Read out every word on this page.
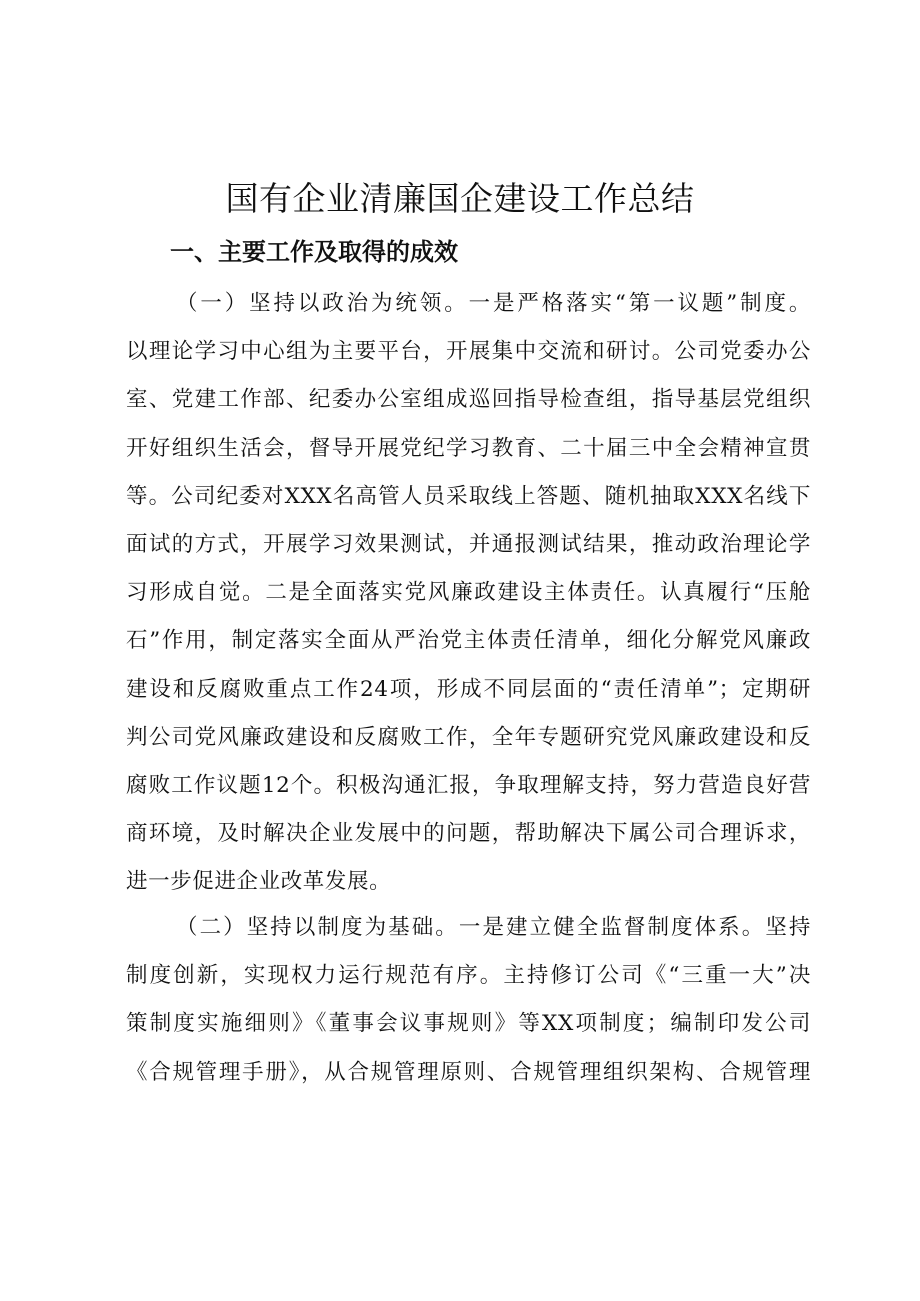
国有企业清廉国企建设工作总结
一、主要工作及取得的成效
（一）坚持以政治为统领。一是严格落实“第一议题”制度。
以理论学习中心组为主要平台，开展集中交流和研讨。公司党委办公
室、党建工作部、纪委办公室组成巡回指导检查组，指导基层党组织
开好组织生活会，督导开展党纪学习教育、二十届三中全会精神宣贯
等。公司纪委对XXX名高管人员采取线上答题、随机抽取XXX名线下
面试的方式，开展学习效果测试，并通报测试结果，推动政治理论学
习形成自觉。二是全面落实党风廉政建设主体责任。认真履行“压舱
石”作用，制定落实全面从严治党主体责任清单，细化分解党风廉政
建设和反腐败重点工作24项，形成不同层面的“责任清单”；定期研
判公司党风廉政建设和反腐败工作，全年专题研究党风廉政建设和反
腐败工作议题12个。积极沟通汇报，争取理解支持，努力营造良好营
商环境，及时解决企业发展中的问题，帮助解决下属公司合理诉求，
进一步促进企业改革发展。
（二）坚持以制度为基础。一是建立健全监督制度体系。坚持
制度创新，实现权力运行规范有序。主持修订公司《“三重一大”决
策制度实施细则》《董事会议事规则》等XX项制度；编制印发公司
《合规管理手册》，从合规管理原则、合规管理组织架构、合规管理
